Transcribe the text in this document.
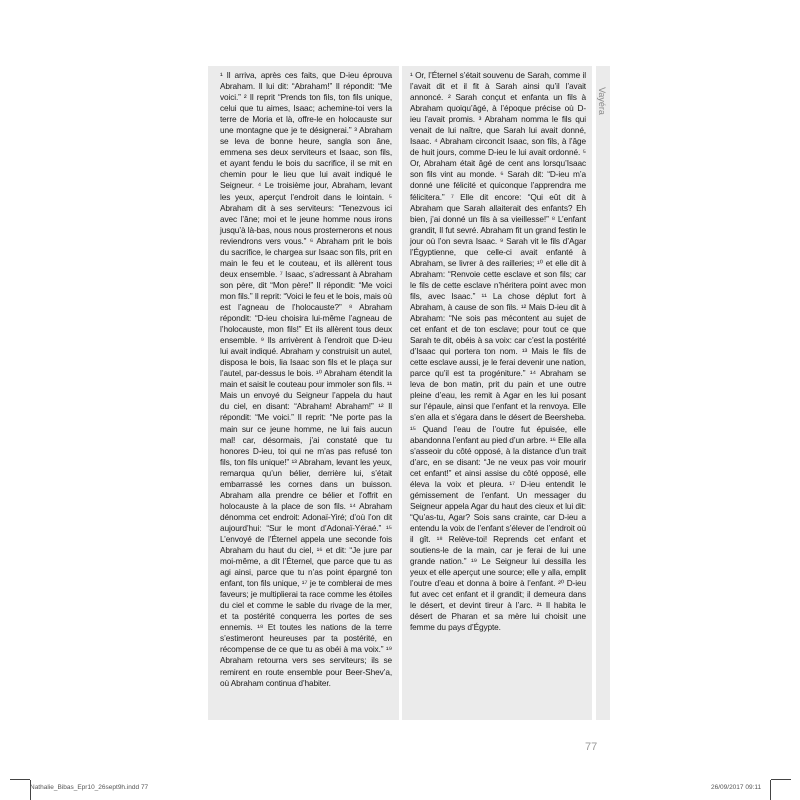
¹ Il arriva, après ces faits, que D-ieu éprouva Abraham. Il lui dit: “Abraham!” Il répondit: “Me voici.” ² Il reprit “Prends ton fils, ton fils unique, celui que tu aimes, Isaac; achemine-toi vers la terre de Moria et là, offre-le en holocauste sur une montagne que je te désignerai.” ³ Abraham se leva de bonne heure, sangla son âne, emmena ses deux serviteurs et Isaac, son fils, et ayant fendu le bois du sacrifice, il se mit en chemin pour le lieu que lui avait indiqué le Seigneur. ⁴ Le troisième jour, Abraham, levant les yeux, aperçut l’endroit dans le lointain. ⁵ Abraham dit à ses serviteurs: “Tenezvous ici avec l’âne; moi et le jeune homme nous irons jusqu’à là-bas, nous nous prosternerons et nous reviendrons vers vous.” ⁶ Abraham prit le bois du sacrifice, le chargea sur Isaac son fils, prit en main le feu et le couteau, et ils allèrent tous deux ensemble. ⁷ Isaac, s’adressant à Abraham son père, dit “Mon père!” Il répondit: “Me voici mon fils.” Il reprit: “Voici le feu et le bois, mais où est l’agneau de l’holocauste?” ⁸ Abraham répondit: “D-ieu choisira lui-même l’agneau de l’holocauste, mon fils!” Et ils allèrent tous deux ensemble. ⁹ Ils arrivèrent à l’endroit que D-ieu lui avait indiqué. Abraham y construisit un autel, disposa le bois, lia Isaac son fils et le plaça sur l’autel, par-dessus le bois. ¹⁰ Abraham étendit la main et saisit le couteau pour immoler son fils. ¹¹ Mais un envoyé du Seigneur l’appela du haut du ciel, en disant: “Abraham! Abraham!” ¹² Il répondit: “Me voici.” Il reprit: “Ne porte pas la main sur ce jeune homme, ne lui fais aucun mal! car, désormais, j’ai constaté que tu honores D-ieu, toi qui ne m’as pas refusé ton fils, ton fils unique!” ¹³ Abraham, levant les yeux, remarqua qu’un bélier, derrière lui, s’était embarrassé les cornes dans un buisson. Abraham alla prendre ce bélier et l’offrit en holocauste à la place de son fils. ¹⁴ Abraham dénomma cet endroit: Adonaï-Yiré; d’où l’on dit aujourd’hui: “Sur le mont d’Adonaï-Yéraé.” ¹⁵ L’envoyé de l’Éternel appela une seconde fois Abraham du haut du ciel, ¹⁶ et dit: “Je jure par moi-même, a dit l’Éternel, que parce que tu as agi ainsi, parce que tu n’as point épargné ton enfant, ton fils unique, ¹⁷ je te comblerai de mes faveurs; je multiplierai ta race comme les étoiles du ciel et comme le sable du rivage de la mer, et ta postérité conquerra les portes de ses ennemis. ¹⁸ Et toutes les nations de la terre s’estimeront heureuses par ta postérité, en récompense de ce que tu as obéi à ma voix.” ¹⁹ Abraham retourna vers ses serviteurs; ils se remirent en route ensemble pour Beer-Shev’a, où Abraham continua d’habiter.

¹ Or, l’Éternel s’était souvenu de Sarah, comme il l’avait dit et il fit à Sarah ainsi qu’il l’avait annoncé. ² Sarah conçut et enfanta un fils à Abraham quoiqu’âgé, à l’époque précise où D-ieu l’avait promis. ³ Abraham nomma le fils qui venait de lui naître, que Sarah lui avait donné, Isaac. ⁴ Abraham circoncit Isaac, son fils, à l’âge de huit jours, comme D-ieu le lui avait ordonné. ⁵ Or, Abraham était âgé de cent ans lorsqu’Isaac son fils vint au monde. ⁶ Sarah dit: “D-ieu m’a donné une félicité et quiconque l’apprendra me félicitera.” ⁷ Elle dit encore: “Qui eût dit à Abraham que Sarah allaiterait des enfants? Eh bien, j’ai donné un fils à sa vieillesse!” ⁸ L’enfant grandit, Il fut sevré. Abraham fit un grand festin le jour où l’on sevra Isaac. ⁹ Sarah vit le fils d’Agar l’Égyptienne, que celle-ci avait enfanté à Abraham, se livrer à des railleries; ¹⁰ et elle dit à Abraham: “Renvoie cette esclave et son fils; car le fils de cette esclave n’héritera point avec mon fils, avec Isaac.” ¹¹ La chose déplut fort à Abraham, à cause de son fils. ¹² Mais D-ieu dit à Abraham: “Ne sois pas mécontent au sujet de cet enfant et de ton esclave; pour tout ce que Sarah te dit, obéis à sa voix: car c’est la postérité d’Isaac qui portera ton nom. ¹³ Mais le fils de cette esclave aussi, je le ferai devenir une nation, parce qu’il est ta progéniture.” ¹⁴ Abraham se leva de bon matin, prit du pain et une outre pleine d’eau, les remit à Agar en les lui posant sur l’épaule, ainsi que l’enfant et la renvoya. Elle s’en alla et s’égara dans le désert de Beersheba. ¹⁵ Quand l’eau de l’outre fut épuisée, elle abandonna l’enfant au pied d’un arbre. ¹⁶ Elle alla s’asseoir du côté opposé, à la distance d’un trait d’arc, en se disant: “Je ne veux pas voir mourir cet enfant!” et ainsi assise du côté opposé, elle éleva la voix et pleura. ¹⁷ D-ieu entendit le gémissement de l’enfant. Un messager du Seigneur appela Agar du haut des cieux et lui dit: “Qu’as-tu, Agar? Sois sans crainte, car D-ieu a entendu la voix de l’enfant s’élever de l’endroit où il gît. ¹⁸ Relève-toi! Reprends cet enfant et soutiens-le de la main, car je ferai de lui une grande nation.” ¹⁹ Le Seigneur lui dessilla les yeux et elle aperçut une source; elle y alla, emplit l’outre d’eau et donna à boire à l’enfant. ²⁰ D-ieu fut avec cet enfant et il grandit; il demeura dans le désert, et devint tireur à l’arc. ²¹ Il habita le désert de Pharan et sa mère lui choisit une femme du pays d’Égypte.

Vayéra
77
Nathalie_Bibas_Epr10_26sept9h.indd 77	26/09/2017 09:11
